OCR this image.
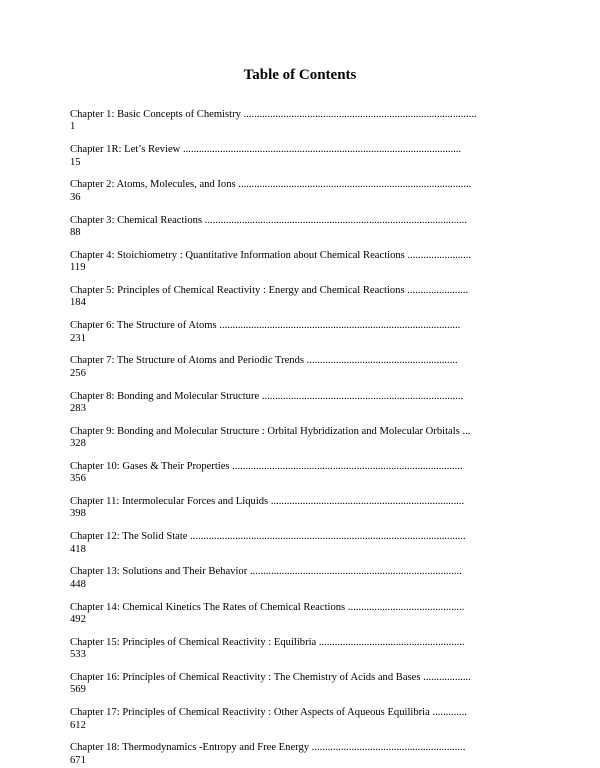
Table of Contents
Chapter 1: Basic Concepts of Chemistry ........................................................................................
1
Chapter 1R: Let’s Review .........................................................................................................
15
Chapter 2: Atoms, Molecules, and Ions ........................................................................................
36
Chapter 3: Chemical Reactions ...................................................................................................
88
Chapter 4: Stoichiometry : Quantitative Information about Chemical Reactions ........................
119
Chapter 5: Principles of Chemical Reactivity : Energy and Chemical Reactions .......................
184
Chapter 6: The Structure of Atoms ...........................................................................................
231
Chapter 7: The Structure of Atoms and Periodic Trends .........................................................
256
Chapter 8: Bonding and Molecular Structure ............................................................................
283
Chapter 9: Bonding and Molecular Structure : Orbital Hybridization and Molecular Orbitals ...
328
Chapter 10: Gases & Their Properties .......................................................................................
356
Chapter 11: Intermolecular Forces and Liquids .........................................................................
398
Chapter 12: The Solid State ........................................................................................................
418
Chapter 13: Solutions and Their Behavior ................................................................................
448
Chapter 14: Chemical Kinetics The Rates of Chemical Reactions ............................................
492
Chapter 15: Principles of Chemical Reactivity : Equilibria .......................................................
533
Chapter 16: Principles of Chemical Reactivity : The Chemistry of Acids and Bases ..................
569
Chapter 17: Principles of Chemical Reactivity : Other Aspects of Aqueous Equilibria .............
612
Chapter 18: Thermodynamics -Entropy and Free Energy ..........................................................
671
